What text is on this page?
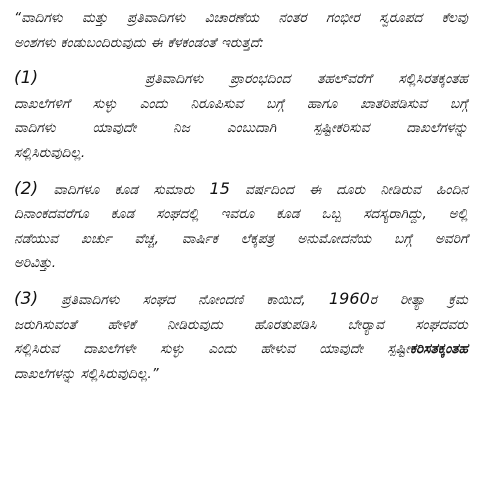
“ವಾದಿಗಳು ಮತ್ತು ಪ್ರತಿವಾದಿಗಳು ವಿಚಾರಣೆಯ ನಂತರ ಗಂಭೀರ ಸ್ವರೂಪದ ಕೆಲವು
ಅಂಶಗಳು ಕಂಡುಬಂದಿರುವುದು ಈ ಕೆಳಕಂಡಂತೆ ಇರುತ್ತದೆ:
(1)	ಪ್ರತಿವಾದಿಗಳು ಪ್ರಾರಂಭದಿಂದ ತಹಲ್‌ವರೆಗೆ ಸಲ್ಲಿಸಿರತಕ್ಕಂತಹ
ದಾಖಲೆಗಳಿಗೆ ಸುಳ್ಳು ಎಂದು ನಿರೂಪಿಸುವ ಬಗ್ಗೆ ಹಾಗೂ ಖಾತರಿಪಡಿಸುವ ಬಗ್ಗೆ
ವಾದಿಗಳು ಯಾವುದೇ ನಿಜ ಎಂಬುದಾಗಿ ಸ್ಪಷ್ಟೀಕರಿಸುವ ದಾಖಲೆಗಳನ್ನು
ಸಲ್ಲಿಸಿರುವುದಿಲ್ಲ.
(2) ವಾದಿಗಳೂ ಕೂಡ ಸುಮಾರು 15 ವರ್ಷದಿಂದ ಈ ದೂರು ನೀಡಿರುವ ಹಿಂದಿನ
ದಿನಾಂಕದವರೆಗೂ ಕೂಡ ಸಂಘದಲ್ಲಿ ಇವರೂ ಕೂಡ ಒಬ್ಬ ಸದಸ್ಯರಾಗಿದ್ದು, ಅಲ್ಲಿ
ನಡೆಯುವ ಖರ್ಚು ವೆಚ್ಚ, ವಾರ್ಷಿಕ ಲೆಕ್ಕಪತ್ರ ಅನುಮೋದನೆಯ ಬಗ್ಗೆ ಅವರಿಗೆ
ಅರಿವಿತ್ತು.
(3) ಪ್ರತಿವಾದಿಗಳು ಸಂಘದ ನೋಂದಣಿ ಕಾಯಿದೆ, 1960ರ ರೀತ್ಯಾ ಕ್ರಮ
ಜರುಗಿಸುವಂತೆ ಹೇಳಿಕೆ ನೀಡಿರುವುದು ಹೊರತುಪಡಿಸಿ ಬೇರ್‍ಯಾವ ಸಂಘದವರು
ಸಲ್ಲಿಸಿರುವ ದಾಖಲೆಗಳೇ ಸುಳ್ಳು ಎಂದು ಹೇಳುವ ಯಾವುದೇ ಸ್ಪಷ್ಟೀಕರಿಸತಕ್ಕಂತಹ
ದಾಖಲೆಗಳನ್ನು ಸಲ್ಲಿಸಿರುವುದಿಲ್ಲ.”
